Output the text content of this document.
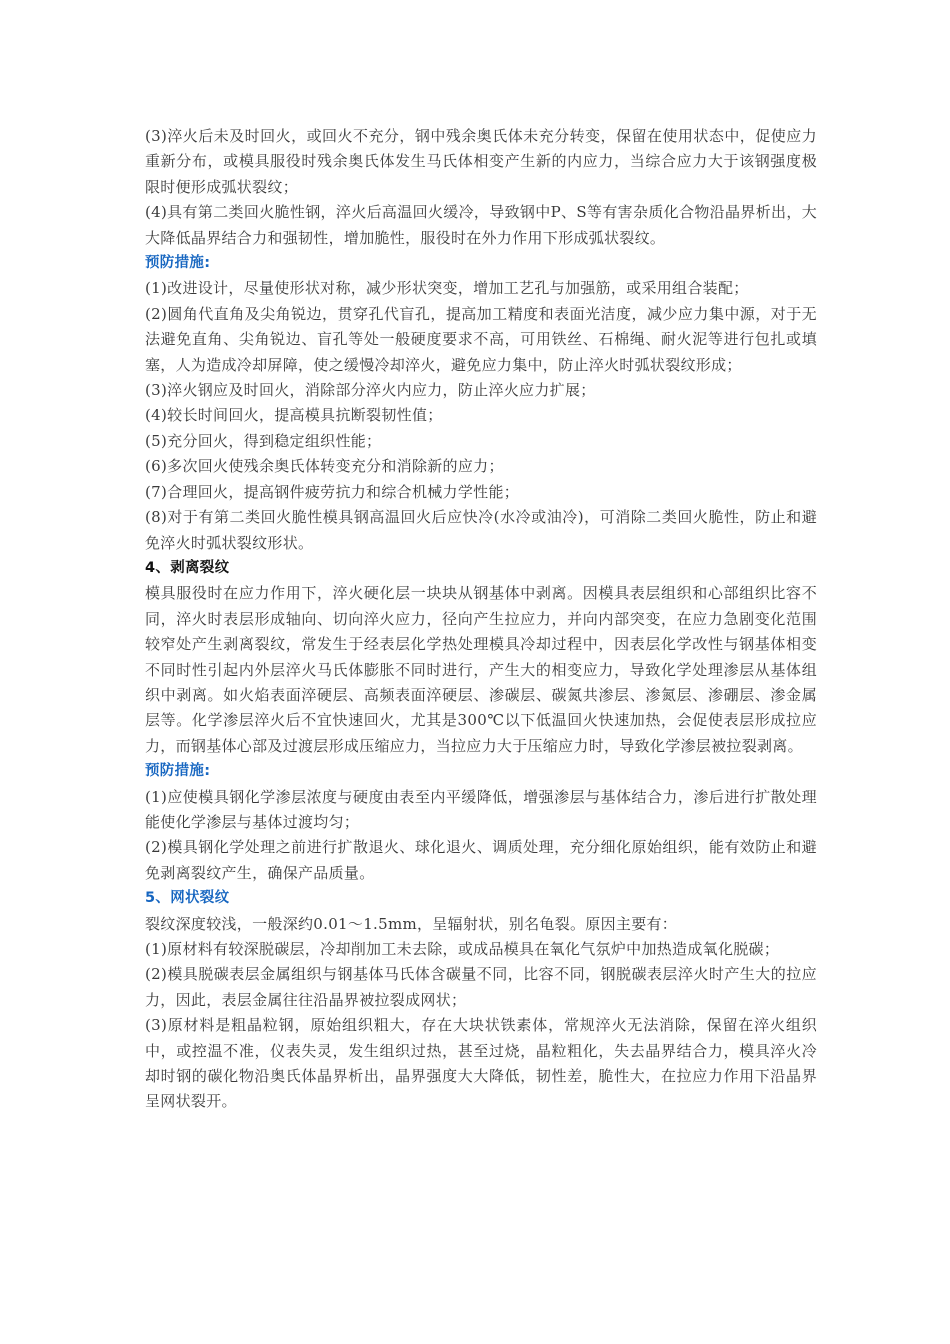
(3)淬火后未及时回火，或回火不充分，钢中残余奥氏体未充分转变，保留在使用状态中，促使应力重新分布，或模具服役时残余奥氏体发生马氏体相变产生新的内应力，当综合应力大于该钢强度极限时便形成弧状裂纹；

(4)具有第二类回火脆性钢，淬火后高温回火缓冷，导致钢中P、S等有害杂质化合物沿晶界析出，大大降低晶界结合力和强韧性，增加脆性，服役时在外力作用下形成弧状裂纹。

预防措施:

(1)改进设计，尽量使形状对称，减少形状突变，增加工艺孔与加强筋，或采用组合装配；

(2)圆角代直角及尖角锐边，贯穿孔代盲孔，提高加工精度和表面光洁度，减少应力集中源，对于无法避免直角、尖角锐边、盲孔等处一般硬度要求不高，可用铁丝、石棉绳、耐火泥等进行包扎或填塞，人为造成冷却屏障，使之缓慢冷却淬火，避免应力集中，防止淬火时弧状裂纹形成；

(3)淬火钢应及时回火，消除部分淬火内应力，防止淬火应力扩展；

(4)较长时间回火，提高模具抗断裂韧性值；

(5)充分回火，得到稳定组织性能；

(6)多次回火使残余奥氏体转变充分和消除新的应力；

(7)合理回火，提高钢件疲劳抗力和综合机械力学性能；

(8)对于有第二类回火脆性模具钢高温回火后应快冷(水冷或油冷)，可消除二类回火脆性，防止和避免淬火时弧状裂纹形状。

4、剥离裂纹

模具服役时在应力作用下，淬火硬化层一块块从钢基体中剥离。因模具表层组织和心部组织比容不同，淬火时表层形成轴向、切向淬火应力，径向产生拉应力，并向内部突变，在应力急剧变化范围较窄处产生剥离裂纹，常发生于经表层化学热处理模具冷却过程中，因表层化学改性与钢基体相变不同时性引起内外层淬火马氏体膨胀不同时进行，产生大的相变应力，导致化学处理渗层从基体组织中剥离。如火焰表面淬硬层、高频表面淬硬层、渗碳层、碳氮共渗层、渗氮层、渗硼层、渗金属层等。化学渗层淬火后不宜快速回火，尤其是300℃以下低温回火快速加热，会促使表层形成拉应力，而钢基体心部及过渡层形成压缩应力，当拉应力大于压缩应力时，导致化学渗层被拉裂剥离。

预防措施:

(1)应使模具钢化学渗层浓度与硬度由表至内平缓降低，增强渗层与基体结合力，渗后进行扩散处理能使化学渗层与基体过渡均匀；

(2)模具钢化学处理之前进行扩散退火、球化退火、调质处理，充分细化原始组织，能有效防止和避免剥离裂纹产生，确保产品质量。

5、网状裂纹

裂纹深度较浅，一般深约0.01～1.5mm，呈辐射状，别名龟裂。原因主要有：

(1)原材料有较深脱碳层，冷却削加工未去除，或成品模具在氧化气氛炉中加热造成氧化脱碳；

(2)模具脱碳表层金属组织与钢基体马氏体含碳量不同，比容不同，钢脱碳表层淬火时产生大的拉应力，因此，表层金属往往沿晶界被拉裂成网状；

(3)原材料是粗晶粒钢，原始组织粗大，存在大块状铁素体，常规淬火无法消除，保留在淬火组织中，或控温不准，仪表失灵，发生组织过热，甚至过烧，晶粒粗化，失去晶界结合力，模具淬火冷却时钢的碳化物沿奥氏体晶界析出，晶界强度大大降低，韧性差，脆性大，在拉应力作用下沿晶界呈网状裂开。
